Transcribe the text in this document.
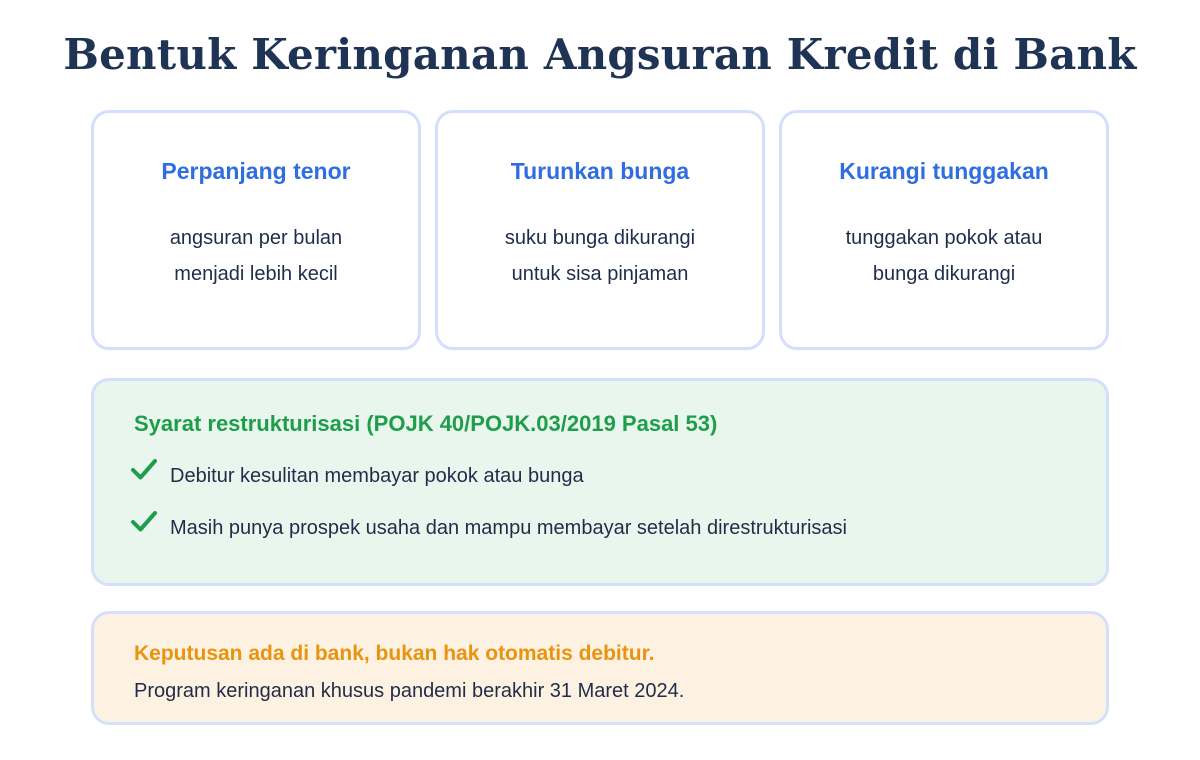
Bentuk Keringanan Angsuran Kredit di Bank
Perpanjang tenor
angsuran per bulan
menjadi lebih kecil
Turunkan bunga
suku bunga dikurangi
untuk sisa pinjaman
Kurangi tunggakan
tunggakan pokok atau
bunga dikurangi
Syarat restrukturisasi (POJK 40/POJK.03/2019 Pasal 53)
Debitur kesulitan membayar pokok atau bunga
Masih punya prospek usaha dan mampu membayar setelah direstrukturisasi
Keputusan ada di bank, bukan hak otomatis debitur.
Program keringanan khusus pandemi berakhir 31 Maret 2024.
